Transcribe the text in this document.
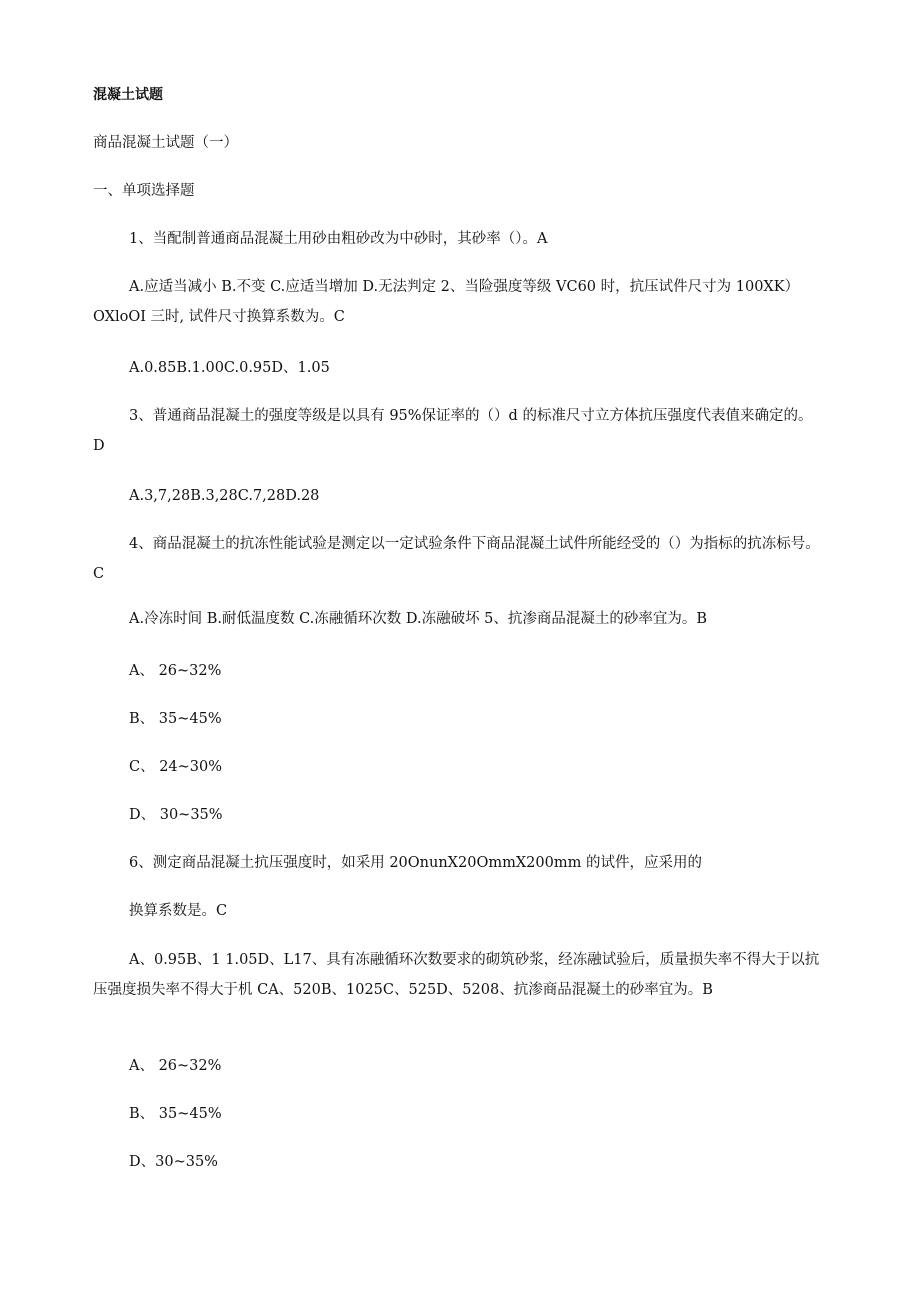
混凝土试题
商品混凝土试题（一）
一、单项选择题
1、当配制普通商品混凝土用砂由粗砂改为中砂时，其砂率（）。A
A.应适当减小 B.不变 C.应适当增加 D.无法判定 2、当险强度等级 VC60 时，抗压试件尺寸为 100XK）OXloOI 三时, 试件尺寸换算系数为。C
A.0.85B.1.00C.0.95D、1.05
3、普通商品混凝土的强度等级是以具有 95%保证率的（）d 的标准尺寸立方体抗压强度代表值来确定的。D
A.3,7,28B.3,28C.7,28D.28
4、商品混凝土的抗冻性能试验是测定以一定试验条件下商品混凝土试件所能经受的（）为指标的抗冻标号。C
A.冷冻时间 B.耐低温度数 C.冻融循环次数 D.冻融破坏 5、抗渗商品混凝土的砂率宜为。B
A、 26~32%
B、 35~45%
C、 24~30%
D、 30~35%
6、测定商品混凝土抗压强度时，如采用 20OnunX20OmmX200mm 的试件，应采用的
换算系数是。C
A、0.95B、1 1.05D、L17、具有冻融循环次数要求的砌筑砂浆，经冻融试验后，质量损失率不得大于以抗压强度损失率不得大于机 CA、520B、1025C、525D、5208、抗渗商品混凝土的砂率宜为。B
A、 26~32%
B、 35~45%
D、30~35%
